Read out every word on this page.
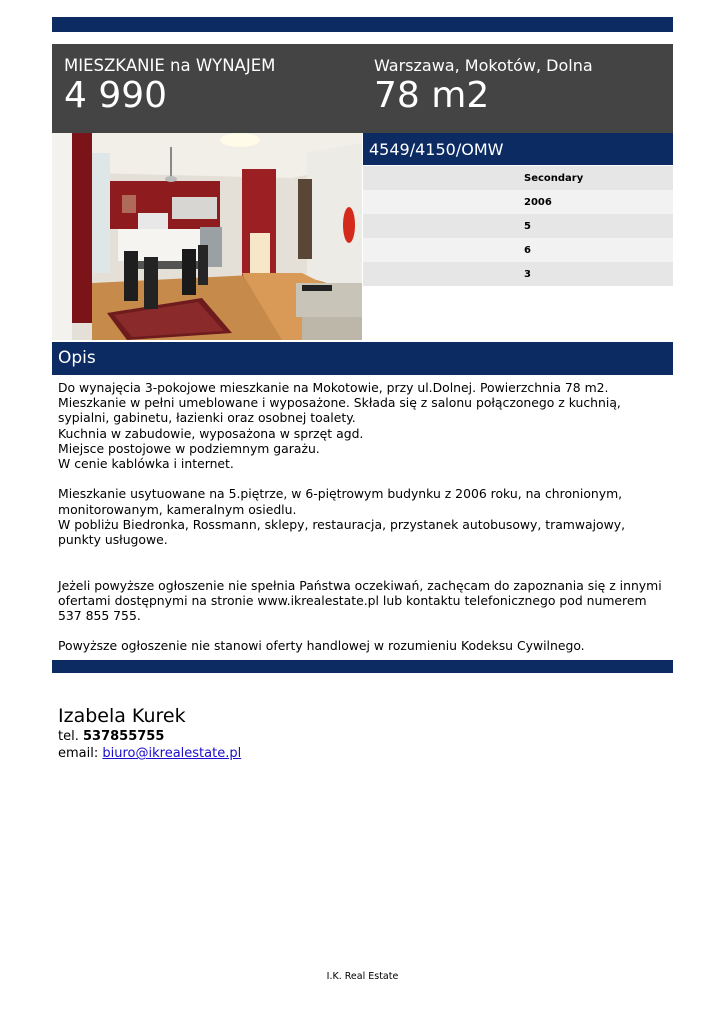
MIESZKANIE na WYNAJEM
4 990
Warszawa, Mokotów, Dolna
78 m2
4549/4150/OMW
Secondary
2006
5
6
3
Opis

Do wynajęcia 3-pokojowe mieszkanie na Mokotowie, przy ul.Dolnej. Powierzchnia 78 m2.

Mieszkanie w pełni umeblowane i wyposażone. Składa się z salonu połączonego z kuchnią, sypialni, gabinetu, łazienki oraz osobnej toalety.

Kuchnia w zabudowie, wyposażona w sprzęt agd.

Miejsce postojowe w podziemnym garażu.

W cenie kablówka i internet.

Mieszkanie usytuowane na 5.piętrze, w 6-piętrowym budynku z 2006 roku, na chronionym, monitorowanym, kameralnym osiedlu.

W pobliżu Biedronka, Rossmann, sklepy, restauracja, przystanek autobusowy, tramwajowy, punkty usługowe.

Jeżeli powyższe ogłoszenie nie spełnia Państwa oczekiwań, zachęcam do zapoznania się z innymi ofertami dostępnymi na stronie www.ikrealestate.pl lub kontaktu telefonicznego pod numerem 537 855 755.

Powyższe ogłoszenie nie stanowi oferty handlowej w rozumieniu Kodeksu Cywilnego.

Izabela Kurek
tel. 537855755
email: biuro@ikrealestate.pl
I.K. Real Estate
